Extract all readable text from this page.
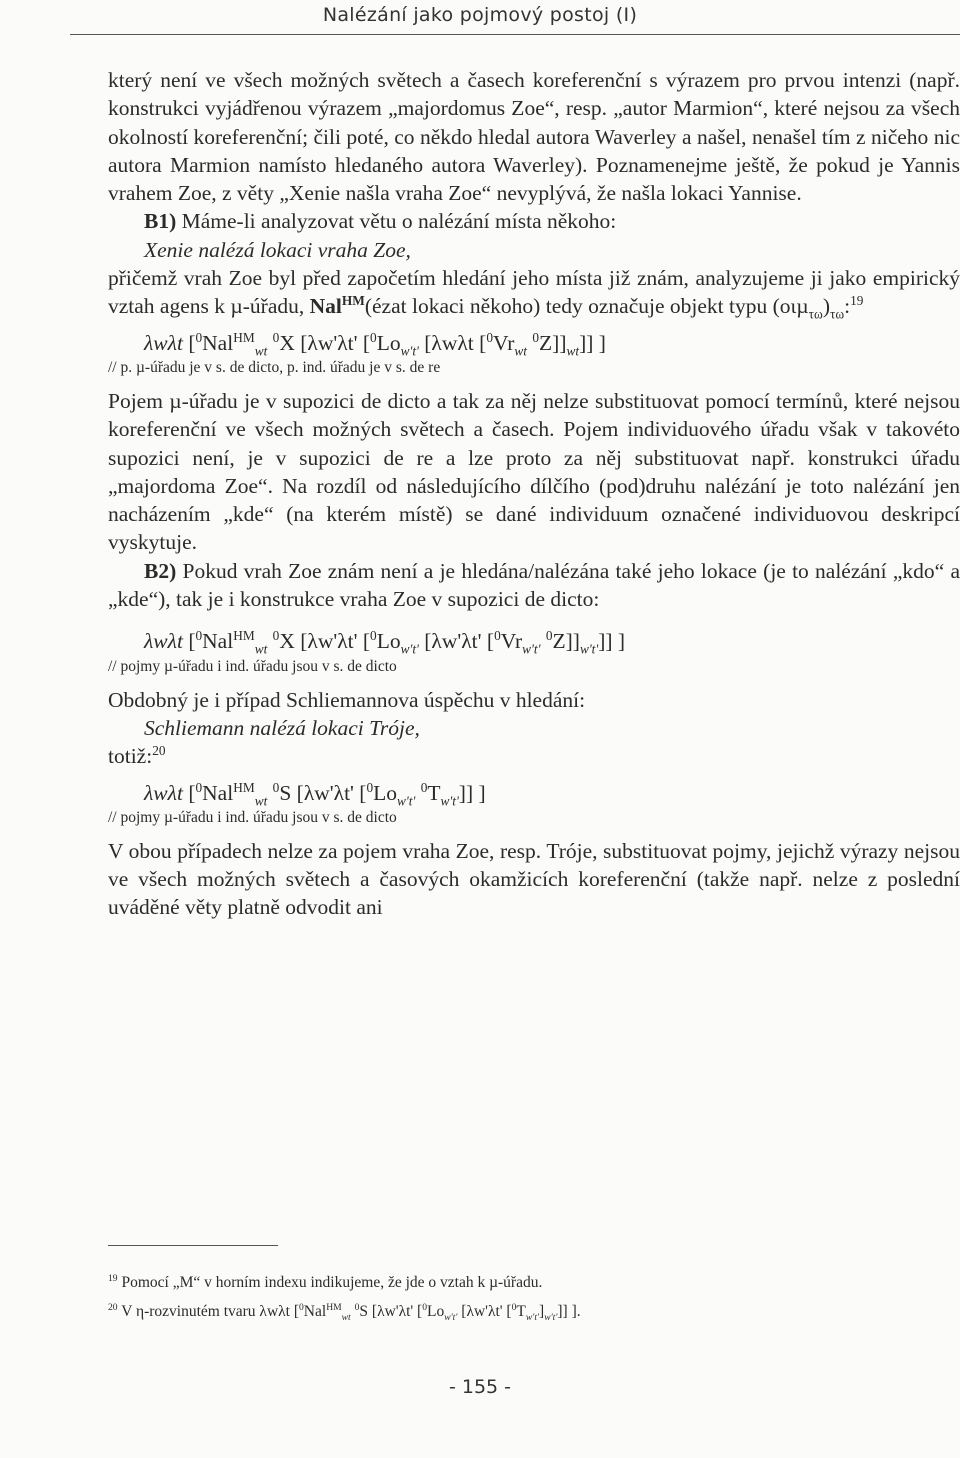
Nalézání jako pojmový postoj (I)

který není ve všech možných světech a časech koreferenční s výrazem pro prvou intenzi (např. konstrukci vyjádřenou výrazem „majordomus Zoe“, resp. „autor Marmion“, které nejsou za všech okolností koreferenční; čili poté, co někdo hledal autora Waverley a našel, nenašel tím z ničeho nic autora Marmion namísto hledaného autora Waverley). Poznamenejme ještě, že pokud je Yannis vrahem Zoe, z věty „Xenie našla vraha Zoe“ nevyplývá, že našla lokaci Yannise.

B1) Máme-li analyzovat větu o nalézání místa někoho:

Xenie nalézá lokaci vraha Zoe,

přičemž vrah Zoe byl před započetím hledání jeho místa již znám, analyzujeme ji jako empirický vztah agens k µ-úřadu, Nal$^{HM}$(ézat lokaci někoho) tedy označuje objekt typu $(o\iota\mu_{\tau\omega})_{\tau\omega}:^{19}$

λwλt [$^0$Nal$^{HM}_{wt}$ $^0$X [λw'λt' [$^0Lo_{w't'}$ [λwλt [$^0Vr_{wt}$ $^0Z]]_{wt}$]] ]

// p. µ-úřadu je v s. de dicto, p. ind. úřadu je v s. de re

Pojem µ-úřadu je v supozici de dicto a tak za něj nelze substituovat pomocí termínů, které nejsou koreferenční ve všech možných světech a časech. Pojem individuového úřadu však v takovéto supozici není, je v supozici de re a lze proto za něj substituovat např. konstrukci úřadu „majordoma Zoe“. Na rozdíl od následujícího dílčího (pod)druhu nalézání je toto nalézání jen nacházením „kde“ (na kterém místě) se dané individuum označené individuovou deskripcí vyskytuje.

B2) Pokud vrah Zoe znám není a je hledána/nalézána také jeho lokace (je to nalézání „kdo“ a „kde“), tak je i konstrukce vraha Zoe v supozici de dicto:

λwλt [$^0$Nal$^{HM}_{wt}$ $^0$X [λw'λt' [$^0Lo_{w't'}$ [λw'λt' [$^0Vr_{w't'}$ $^0Z]]_{w't'}$]] ]

// pojmy µ-úřadu i ind. úřadu jsou v s. de dicto

Obdobný je i případ Schliemannova úspěchu v hledání:

Schliemann nalézá lokaci Tróje,

totiž:$^{20}$

λwλt [$^0$Nal$^{HM}_{wt}$ $^0$S [λw'λt' [$^0Lo_{w't'}$ $^0T_{w't'}$]] ]

// pojmy µ-úřadu i ind. úřadu jsou v s. de dicto

V obou případech nelze za pojem vraha Zoe, resp. Tróje, substituovat pojmy, jejichž výrazy nejsou ve všech možných světech a časových okamžicích koreferenční (takže např. nelze z poslední uváděné věty platně odvodit ani

$^{19}$ Pomocí „M“ v horním indexu indikujeme, že jde o vztah k µ-úřadu.

$^{20}$ V η-rozvinutém tvaru λwλt [$^0$Nal$^{HM}_{wt}$ $^0$S [λw'λt' [$^0Lo_{w't'}$ [λw'λt' $[^0T_{w't'}]_{w't'}$]] ].

- 155 -
